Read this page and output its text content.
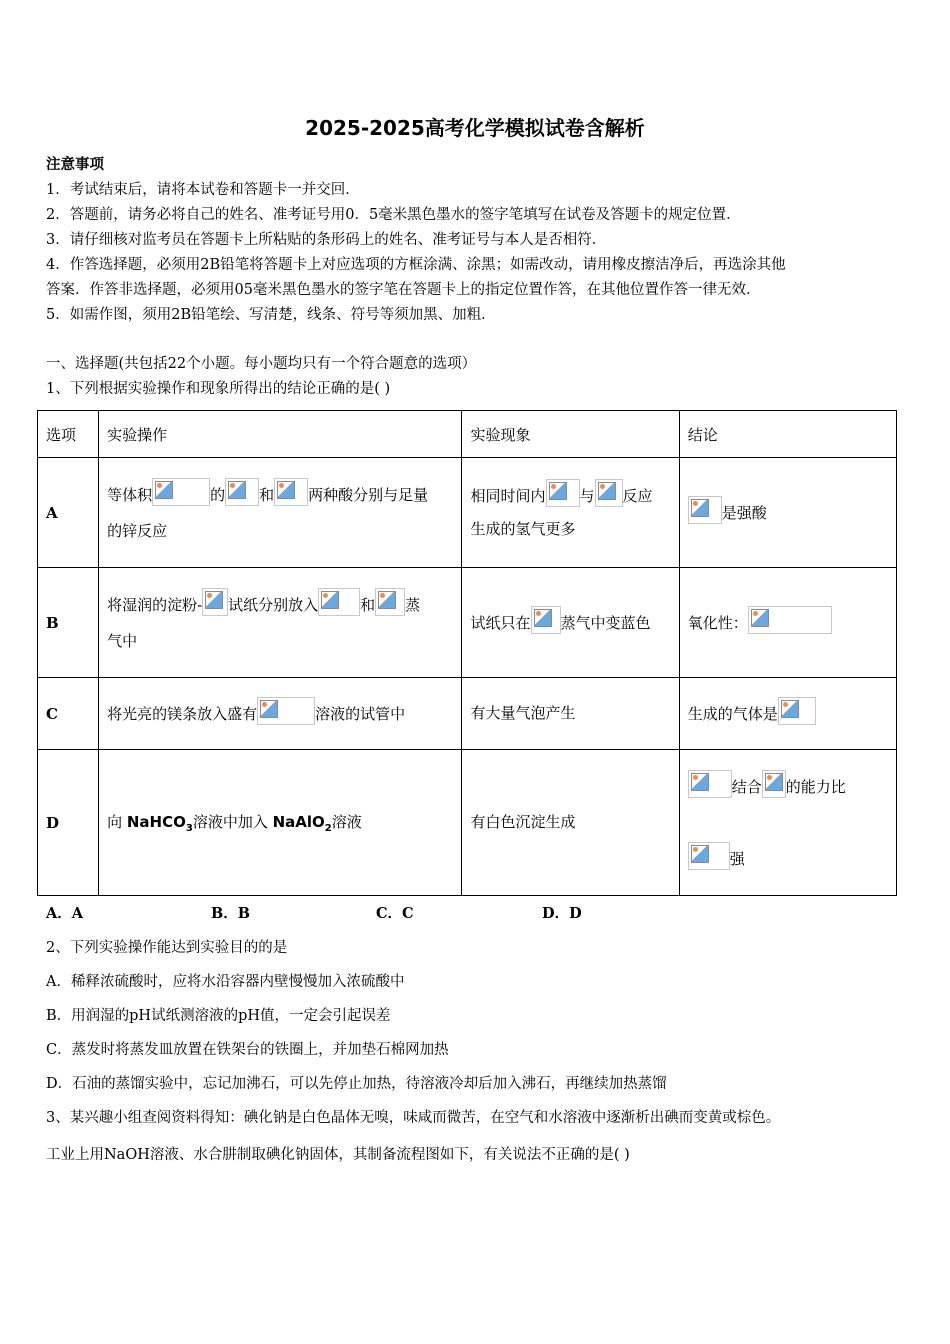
2025-2025高考化学模拟试卷含解析
注意事项
1．考试结束后，请将本试卷和答题卡一并交回．
2．答题前，请务必将自己的姓名、准考证号用0．5毫米黑色墨水的签字笔填写在试卷及答题卡的规定位置．
3．请仔细核对监考员在答题卡上所粘贴的条形码上的姓名、准考证号与本人是否相符．
4．作答选择题，必须用2B铅笔将答题卡上对应选项的方框涂满、涂黑；如需改动，请用橡皮擦洁净后，再选涂其他
答案．作答非选择题，必须用05毫米黑色墨水的签字笔在答题卡上的指定位置作答，在其他位置作答一律无效．
5．如需作图，须用2B铅笔绘、写清楚，线条、符号等须加黑、加粗．
一、选择题(共包括22个小题。每小题均只有一个符合题意的选项）
1、下列根据实验操作和现象所得出的结论正确的是( )
选项	实验操作	实验现象	结论
A	等体积 的 和 两种酸分别与足量
的锌反应	相同时间内 与 反应
生成的氢气更多	是强酸
B	将湿润的淀粉- 试纸分别放入 和 蒸
气中	试纸只在 蒸气中变蓝色	氧化性：
C	将光亮的镁条放入盛有 溶液的试管中	有大量气泡产生	生成的气体是
D	向 NaHCO$_3$溶液中加入 NaAlO$_2$溶液	有白色沉淀生成	结合 的能力比

强
A．A	B．B	C．C	D．D
2、下列实验操作能达到实验目的的是
A．稀释浓硫酸时，应将水沿容器内壁慢慢加入浓硫酸中
B．用润湿的pH试纸测溶液的pH值，一定会引起误差
C．蒸发时将蒸发皿放置在铁架台的铁圈上，并加垫石棉网加热
D．石油的蒸馏实验中，忘记加沸石，可以先停止加热，待溶液冷却后加入沸石，再继续加热蒸馏
3、某兴趣小组查阅资料得知：碘化钠是白色晶体无嗅，味咸而微苦，在空气和水溶液中逐渐析出碘而变黄或棕色。
工业上用NaOH溶液、水合肼制取碘化钠固体，其制备流程图如下，有关说法不正确的是( )
